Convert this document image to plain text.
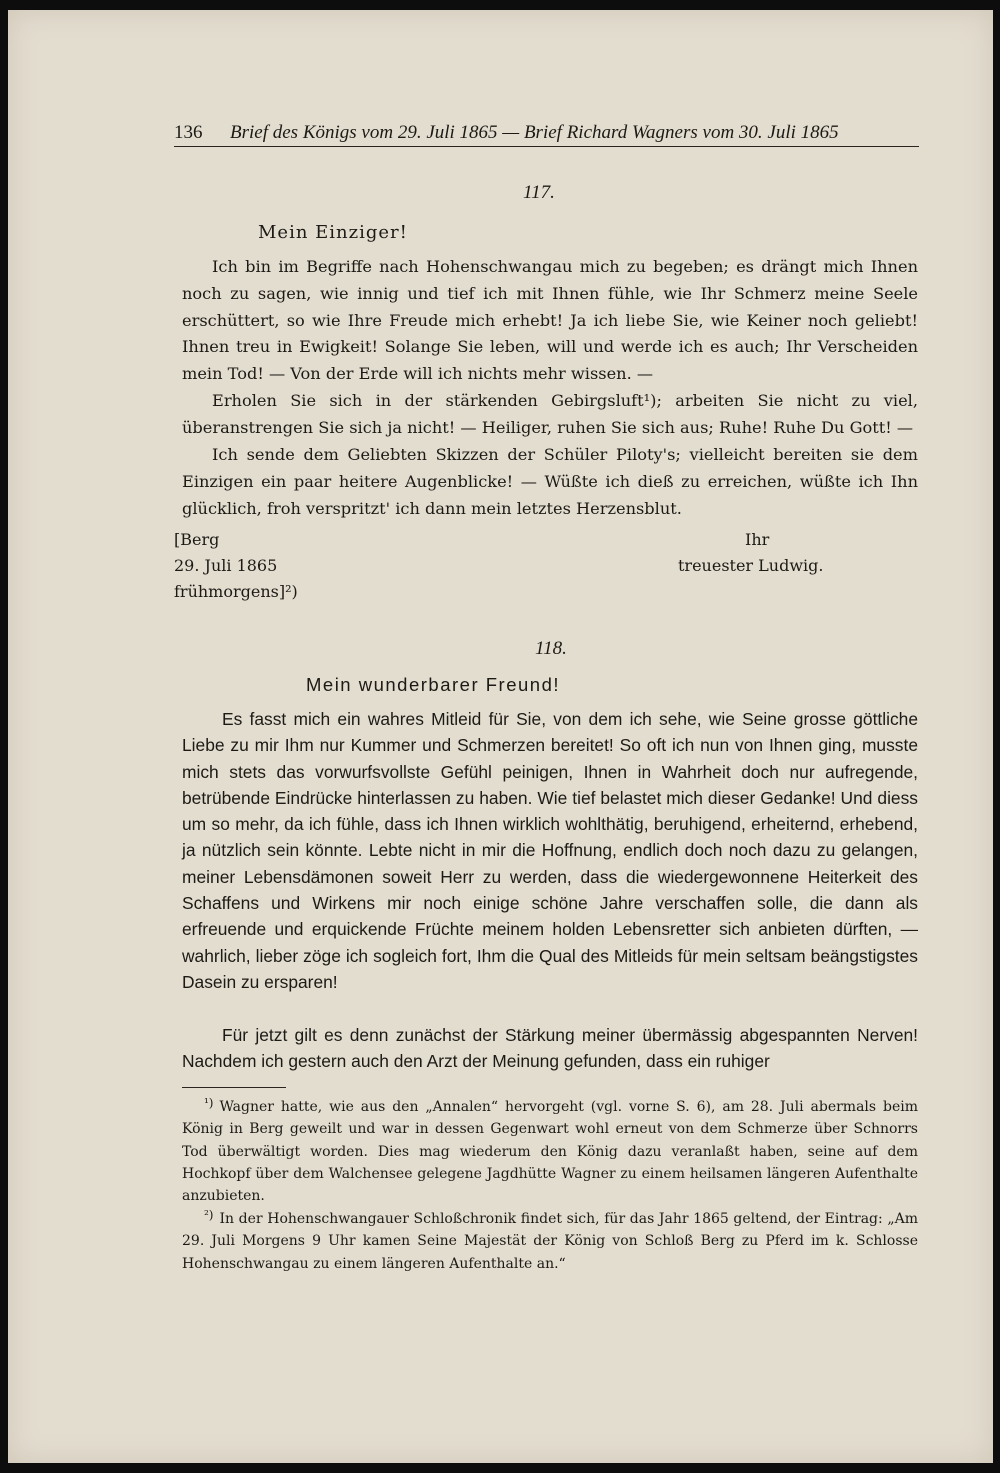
136 Brief des Königs vom 29. Juli 1865 — Brief Richard Wagners vom 30. Juli 1865
117.
Mein Einziger!

Ich bin im Begriffe nach Hohenschwangau mich zu begeben; es drängt mich Ihnen noch zu sagen, wie innig und tief ich mit Ihnen fühle, wie Ihr Schmerz meine Seele erschüttert, so wie Ihre Freude mich erhebt! Ja ich liebe Sie, wie Keiner noch geliebt! Ihnen treu in Ewigkeit! Solange Sie leben, will und werde ich es auch; Ihr Verscheiden mein Tod! — Von der Erde will ich nichts mehr wissen. —

Erholen Sie sich in der stärkenden Gebirgsluft¹); arbeiten Sie nicht zu viel, überanstrengen Sie sich ja nicht! — Heiliger, ruhen Sie sich aus; Ruhe! Ruhe Du Gott! —

Ich sende dem Geliebten Skizzen der Schüler Piloty's; vielleicht bereiten sie dem Einzigen ein paar heitere Augenblicke! — Wüßte ich dieß zu erreichen, wüßte ich Ihn glücklich, froh verspritzt' ich dann mein letztes Herzensblut.

[Berg
29. Juli 1865
frühmorgens]²)
Ihr
treuester Ludwig.
118.
Mein wunderbarer Freund!

Es fasst mich ein wahres Mitleid für Sie, von dem ich sehe, wie Seine grosse göttliche Liebe zu mir Ihm nur Kummer und Schmerzen bereitet! So oft ich nun von Ihnen ging, musste mich stets das vorwurfsvollste Gefühl peinigen, Ihnen in Wahrheit doch nur aufregende, betrübende Eindrücke hinterlassen zu haben. Wie tief belastet mich dieser Gedanke! Und diess um so mehr, da ich fühle, dass ich Ihnen wirklich wohlthätig, beruhigend, erheiternd, erhebend, ja nützlich sein könnte. Lebte nicht in mir die Hoffnung, endlich doch noch dazu zu gelangen, meiner Lebensdämonen soweit Herr zu werden, dass die wiedergewonnene Heiterkeit des Schaffens und Wirkens mir noch einige schöne Jahre verschaffen solle, die dann als erfreuende und erquickende Früchte meinem holden Lebensretter sich anbieten dürften, — wahrlich, lieber zöge ich sogleich fort, Ihm die Qual des Mitleids für mein seltsam beängstigstes Dasein zu ersparen!

Für jetzt gilt es denn zunächst der Stärkung meiner übermässig abgespannten Nerven! Nachdem ich gestern auch den Arzt der Meinung gefunden, dass ein ruhiger

¹) Wagner hatte, wie aus den „Annalen“ hervorgeht (vgl. vorne S. 6), am 28. Juli abermals beim König in Berg geweilt und war in dessen Gegenwart wohl erneut von dem Schmerze über Schnorrs Tod überwältigt worden. Dies mag wiederum den König dazu veranlaßt haben, seine auf dem Hochkopf über dem Walchensee gelegene Jagdhütte Wagner zu einem heilsamen längeren Aufenthalte anzubieten.

²) In der Hohenschwangauer Schloßchronik findet sich, für das Jahr 1865 geltend, der Eintrag: „Am 29. Juli Morgens 9 Uhr kamen Seine Majestät der König von Schloß Berg zu Pferd im k. Schlosse Hohenschwangau zu einem längeren Aufenthalte an.“
